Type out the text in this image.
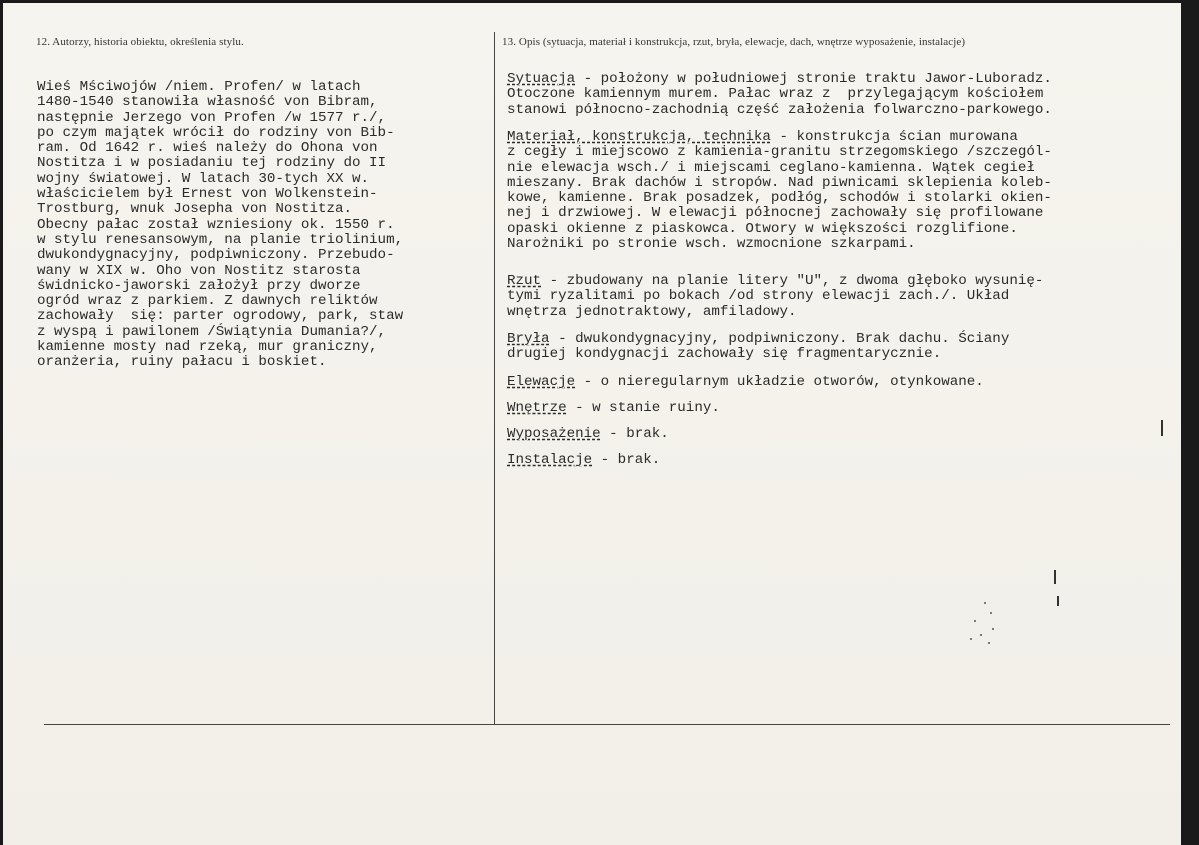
12. Autorzy, historia obiektu, określenia stylu.	13. Opis (sytuacja, materiał i konstrukcja, rzut, bryła, elewacje, dach, wnętrze wyposażenie, instalacje)
Wieś Mściwojów /niem. Profen/ w latach
1480-1540 stanowiła własność von Bibram,
następnie Jerzego von Profen /w 1577 r./,
po czym majątek wrócił do rodziny von Bib-
ram. Od 1642 r. wieś należy do Ohona von
Nostitza i w posiadaniu tej rodziny do II
wojny światowej. W latach 30-tych XX w.
właścicielem był Ernest von Wolkenstein-
Trostburg, wnuk Josepha von Nostitza.
Obecny pałac został wzniesiony ok. 1550 r.
w stylu renesansowym, na planie triolinium,
dwukondygnacyjny, podpiwniczony. Przebudo-
wany w XIX w. Oho von Nostitz starosta
świdnicko-jaworski założył przy dworze
ogród wraz z parkiem. Z dawnych reliktów
zachowały  się: parter ogrodowy, park, staw
z wyspą i pawilonem /Świątynia Dumania?/,
kamienne mosty nad rzeką, mur graniczny,
oranżeria, ruiny pałacu i boskiet.
Sytuacja - położony w południowej stronie traktu Jawor-Luboradz.
Otoczone kamiennym murem. Pałac wraz z  przylegającym kościołem
stanowi północno-zachodnią część założenia folwarczno-parkowego.
Materiał, konstrukcja, technika - konstrukcja ścian murowana
z cegły i miejscowo z kamienia-granitu strzegomskiego /szczegól-
nie elewacja wsch./ i miejscami ceglano-kamienna. Wątek cegieł
mieszany. Brak dachów i stropów. Nad piwnicami sklepienia koleb-
kowe, kamienne. Brak posadzek, podłóg, schodów i stolarki okien-
nej i drzwiowej. W elewacji północnej zachowały się profilowane
opaski okienne z piaskowca. Otwory w większości rozglifione.
Narożniki po stronie wsch. wzmocnione szkarpami.
Rzut - zbudowany na planie litery "U", z dwoma głęboko wysunię-
tymi ryzalitami po bokach /od strony elewacji zach./. Układ
wnętrza jednotraktowy, amfiladowy.
Bryła - dwukondygnacyjny, podpiwniczony. Brak dachu. Ściany
drugiej kondygnacji zachowały się fragmentarycznie.
Elewacje - o nieregularnym układzie otworów, otynkowane.
Wnętrze - w stanie ruiny.
Wyposażenie - brak.
Instalacje - brak.
